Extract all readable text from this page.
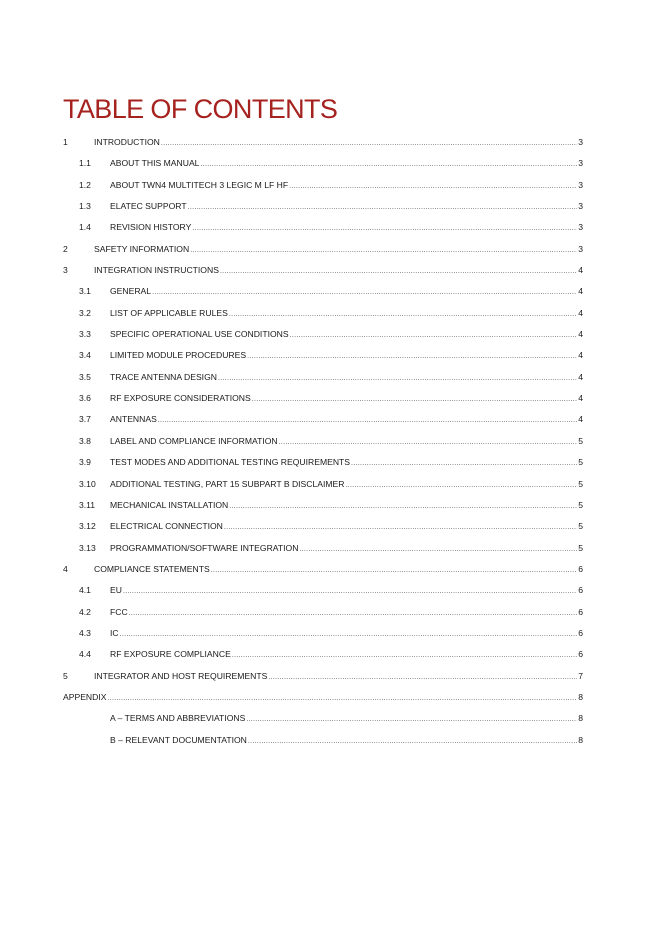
TABLE OF CONTENTS
1	INTRODUCTION .....	3
1.1	ABOUT THIS MANUAL .....	3
1.2	ABOUT TWN4 MULTITECH 3 LEGIC M LF HF .....	3
1.3	ELATEC SUPPORT .....	3
1.4	REVISION HISTORY .....	3
2	SAFETY INFORMATION .....	3
3	INTEGRATION INSTRUCTIONS .....	4
3.1	GENERAL .....	4
3.2	LIST OF APPLICABLE RULES .....	4
3.3	SPECIFIC OPERATIONAL USE CONDITIONS .....	4
3.4	LIMITED MODULE PROCEDURES .....	4
3.5	TRACE ANTENNA DESIGN .....	4
3.6	RF EXPOSURE CONSIDERATIONS .....	4
3.7	ANTENNAS .....	4
3.8	LABEL AND COMPLIANCE INFORMATION .....	5
3.9	TEST MODES AND ADDITIONAL TESTING REQUIREMENTS .....	5
3.10	ADDITIONAL TESTING, PART 15 SUBPART B DISCLAIMER .....	5
3.11	MECHANICAL INSTALLATION .....	5
3.12	ELECTRICAL CONNECTION .....	5
3.13	PROGRAMMATION/SOFTWARE INTEGRATION .....	5
4	COMPLIANCE STATEMENTS .....	6
4.1	EU .....	6
4.2	FCC .....	6
4.3	IC .....	6
4.4	RF EXPOSURE COMPLIANCE .....	6
5	INTEGRATOR AND HOST REQUIREMENTS .....	7
APPENDIX .....	8
A – TERMS AND ABBREVIATIONS .....	8
B – RELEVANT DOCUMENTATION .....	8
